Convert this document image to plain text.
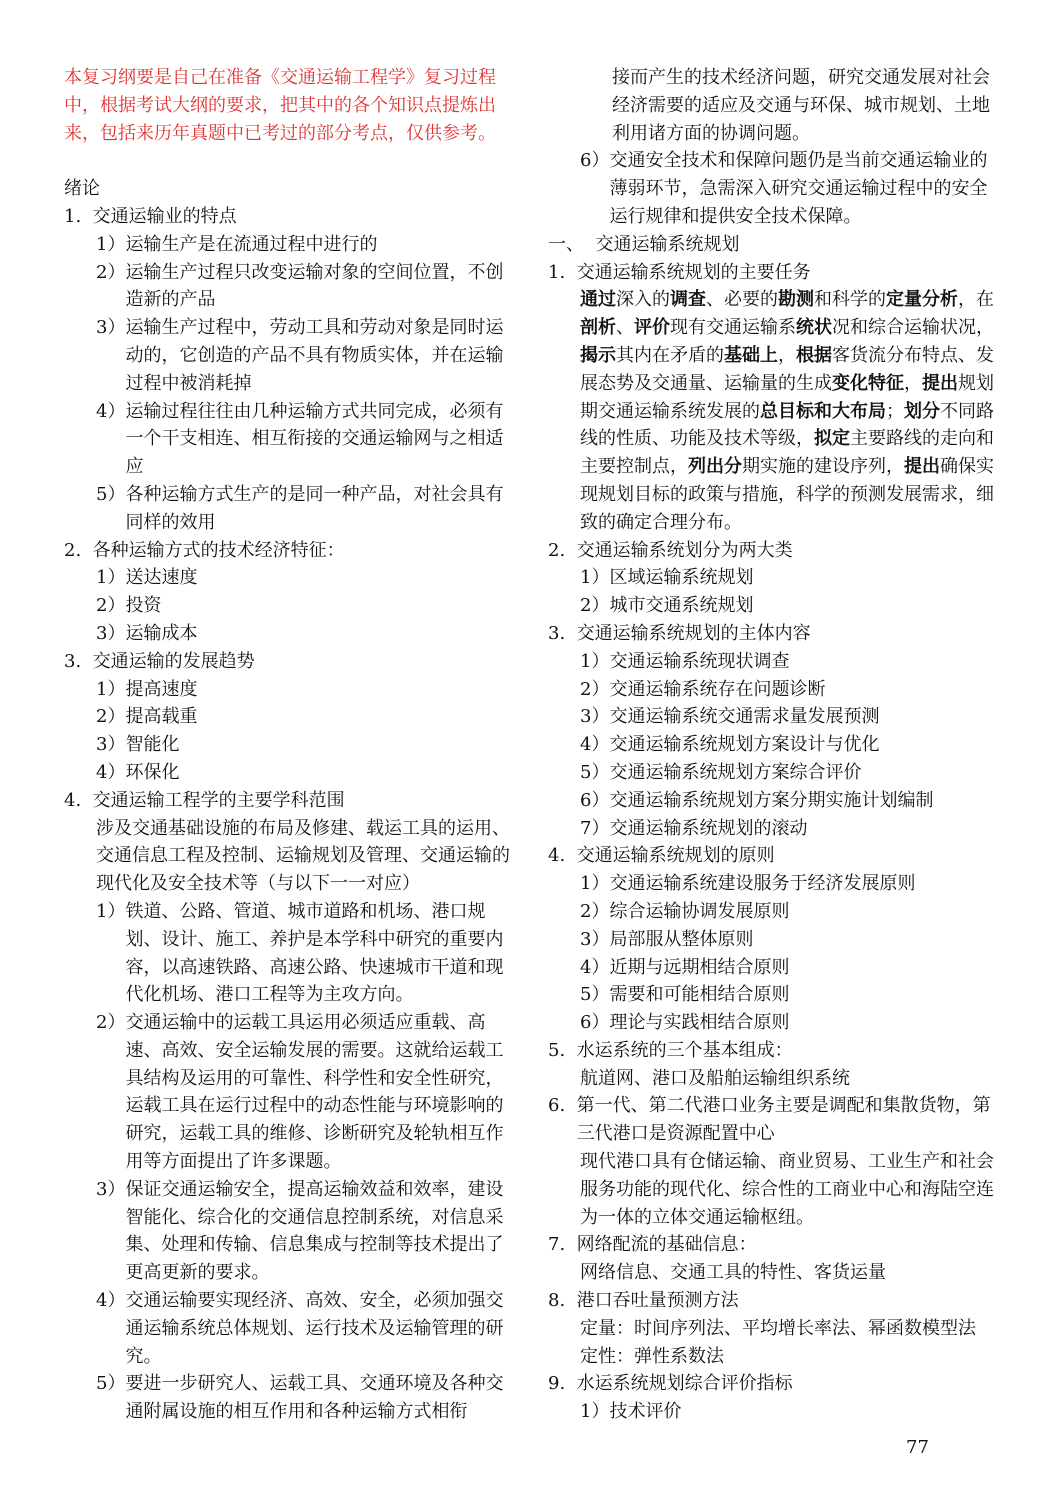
本复习纲要是自己在准备《交通运输工程学》复习过程中，根据考试大纲的要求，把其中的各个知识点提炼出来，包括来历年真题中已考过的部分考点，仅供参考。
绪论
1. 交通运输业的特点
1） 运输生产是在流通过程中进行的
2） 运输生产过程只改变运输对象的空间位置，不创造新的产品
3） 运输生产过程中，劳动工具和劳动对象是同时运动的，它创造的产品不具有物质实体，并在运输过程中被消耗掉
4） 运输过程往往由几种运输方式共同完成，必须有一个干支相连、相互衔接的交通运输网与之相适应
5） 各种运输方式生产的是同一种产品，对社会具有同样的效用
2. 各种运输方式的技术经济特征：
1） 送达速度
2） 投资
3） 运输成本
3. 交通运输的发展趋势
1） 提高速度
2） 提高载重
3） 智能化
4） 环保化
4. 交通运输工程学的主要学科范围
涉及交通基础设施的布局及修建、载运工具的运用、交通信息工程及控制、运输规划及管理、交通运输的现代化及安全技术等（与以下一一对应）
1） 铁道、公路、管道、城市道路和机场、港口规划、设计、施工、养护是本学科中研究的重要内容，以高速铁路、高速公路、快速城市干道和现代化机场、港口工程等为主攻方向。
2） 交通运输中的运载工具运用必须适应重载、高速、高效、安全运输发展的需要。这就给运载工具结构及运用的可靠性、科学性和安全性研究，运载工具在运行过程中的动态性能与环境影响的研究，运载工具的维修、诊断研究及轮轨相互作用等方面提出了许多课题。
3） 保证交通运输安全，提高运输效益和效率，建设智能化、综合化的交通信息控制系统，对信息采集、处理和传输、信息集成与控制等技术提出了更高更新的要求。
4） 交通运输要实现经济、高效、安全，必须加强交通运输系统总体规划、运行技术及运输管理的研究。
5） 要进一步研究人、运载工具、交通环境及各种交通附属设施的相互作用和各种运输方式相衔
接而产生的技术经济问题，研究交通发展对社会经济需要的适应及交通与环保、城市规划、土地利用诸方面的协调问题。
6） 交通安全技术和保障问题仍是当前交通运输业的薄弱环节，急需深入研究交通运输过程中的安全运行规律和提供安全技术保障。
一、 交通运输系统规划
1. 交通运输系统规划的主要任务
通过深入的调查、必要的勘测和科学的定量分析，在剖析、评价现有交通运输系统状况和综合运输状况，揭示其内在矛盾的基础上，根据客货流分布特点、发展态势及交通量、运输量的生成变化特征，提出规划期交通运输系统发展的总目标和大布局；划分不同路线的性质、功能及技术等级，拟定主要路线的走向和主要控制点，列出分期实施的建设序列，提出确保实现规划目标的政策与措施，科学的预测发展需求，细致的确定合理分布。
2. 交通运输系统划分为两大类
1） 区域运输系统规划
2） 城市交通系统规划
3. 交通运输系统规划的主体内容
1） 交通运输系统现状调查
2） 交通运输系统存在问题诊断
3） 交通运输系统交通需求量发展预测
4） 交通运输系统规划方案设计与优化
5） 交通运输系统规划方案综合评价
6） 交通运输系统规划方案分期实施计划编制
7） 交通运输系统规划的滚动
4. 交通运输系统规划的原则
1） 交通运输系统建设服务于经济发展原则
2） 综合运输协调发展原则
3） 局部服从整体原则
4） 近期与远期相结合原则
5） 需要和可能相结合原则
6） 理论与实践相结合原则
5. 水运系统的三个基本组成：
航道网、港口及船舶运输组织系统
6. 第一代、第二代港口业务主要是调配和集散货物，第三代港口是资源配置中心
现代港口具有仓储运输、商业贸易、工业生产和社会服务功能的现代化、综合性的工商业中心和海陆空连为一体的立体交通运输枢纽。
7. 网络配流的基础信息：
网络信息、交通工具的特性、客货运量
8. 港口吞吐量预测方法
定量：时间序列法、平均增长率法、幂函数模型法
定性：弹性系数法
9. 水运系统规划综合评价指标
1） 技术评价
77
